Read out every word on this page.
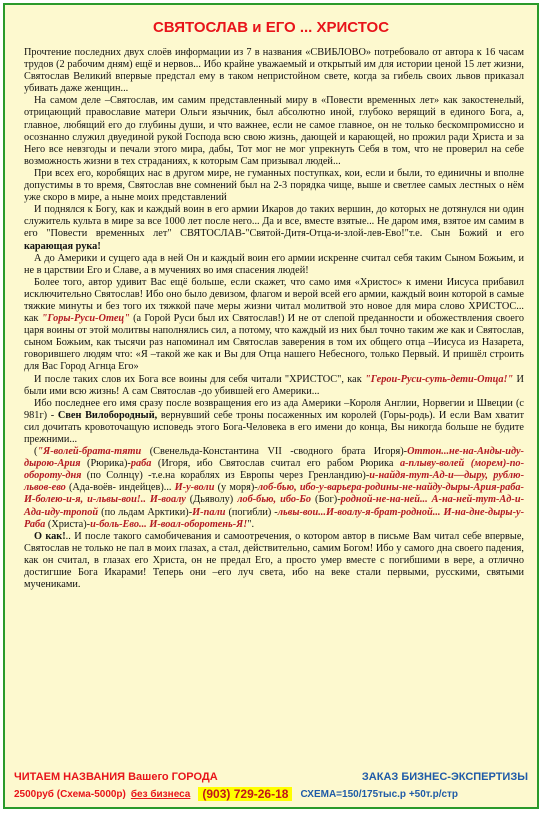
СВЯТОСЛАВ и ЕГО ... ХРИСТОС

Прочтение последних двух слоёв информации из 7 в названия «СВИБЛОВО» потребовало от автора к 16 часам трудов (2 рабочим дням) ещё и нервов... Ибо крайне уважаемый и открытый им для истории ценой 15 лет жизни, Святослав Великий впервые предстал ему в таком непристойном свете, когда за гибель своих львов приказал убивать даже женщин...

На самом деле –Святослав, им самим представленный миру в «Повести временных лет» как закостенелый, отрицающий православие матери Ольги язычник, был абсолютно иной, глубоко верящий в единого Бога, а, главное, любящий его до глубины души, и что важнее, если не самое главное, он не только бескомпромиссно и осознанно служил двуединой рукой Господа всю свою жизнь, дающей и карающей, но прожил ради Христа и за Него все невзгоды и печали этого мира, дабы, Тот мог не мог упрекнуть Себя в том, что не проверил на себе возможность жизни в тех страданиях, к которым Сам призывал людей...

При всех его, коробящих нас в другом мире, не гуманных поступках, кои, если и были, то единичны и вполне допустимы в то время, Святослав вне сомнений был на 2-3 порядка чище, выше и светлее самых лестных о нём уже скоро в мире, а ныне моих представлений

И поднялся к Богу, как и каждый воин в его армии Икаров до таких вершин, до которых не дотянулся ни один служитель культа в мире за все 1000 лет после него... Да и все, вместе взятые... Не даром имя, взятое им самим в его "Повести временных лет" СВЯТОСЛАВ-"Святой-Дитя-Отца-и-злой-лев-Ево!"т.е. Сын Божий и его карающая рука!

А до Америки и сущего ада в ней Он и каждый воин его армии искренне считал себя таким Сыном Божьим, и не в царствии Его и Славе, а в мучениях во имя спасения людей!

Более того, автор удивит Вас ещё больше, если скажет, что само имя «Христос» к имени Иисуса прибавил исключительно Святослав! Ибо оно было девизом, флагом и верой всей его армии, каждый воин которой в самые тяжкие минуты и без того их тяжкой паче меры жизни читал молитвой это новое для мира слово ХРИСТОС... как "Горы-Руси-Отец" (а Горой Руси был их Святослав!) И не от слепой преданности и обожествления своего царя воины от этой молитвы наполнялись сил, а потому, что каждый из них был точно таким же как и Святослав, сыном Божьим, как тысячи раз напоминал им Святослав заверения в том их общего отца –Иисуса из Назарета, говорившего людям что: «Я –такой же как и Вы для Отца нашего Небесного, только Первый. И пришёл строить для Вас Город Агнца Его»

И после таких слов их Бога все воины для себя читали "ХРИСТОС", как "Герои-Руси-суть-дети-Отца!" И были ими всю жизнь! А сам Святослав -до убившей его Америки...

Ибо последнее его имя сразу после возвращения его из ада Америки –Короля Англии, Норвегии и Швеции (с 981г) - Свен Вилобородный, вернувший себе троны посаженных им королей (Горы-родь). И если Вам хватит сил дочитать кровоточащую исповедь этого Бога-Человека в его имени до конца, Вы никогда больше не будите прежними...

("Я-волей-брата-тяти (Свенельда-Константина VII -сводного брата Игоря)-Оттон...не-на-Анды-иду-дырою-Ария (Рюрика)-раба (Игоря, ибо Святослав считал его рабом Рюрика а-плыву-волей (морем)-по-обороту-дня (по Солнцу) -т.е.на кораблях из Европы через Гренландию)-и-найдя-тут-Ад-и—дыру, рублю-львов-ево (Ада-воёв- индейцев)... И-у-воли (у моря)-лоб-бью, ибо-у-варьера-родины-не-найду-дыры-Ария-раба-И-болею-и-я, и-львы-вои!.. И-воалу (Дьяволу) лоб-бью, ибо-Бо (Бог)-родной-не-на-ней... А-на-ней-тут-Ад-и-Ада-иду-тропой (по льдам Арктики)-И-пали (погибли) -львы-вои...И-воалу-я-брат-родной... И-на-дне-дыры-у-Раба (Христа)-и-боль-Ево... И-воал-оборотень-Я!".

О как!.. И после такого самобичевания и самоотречения, о котором автор в письме Вам читал себе впервые, Святослав не только не пал в моих глазах, а стал, действительно, самим Богом! Ибо у самого дна своего падения, как он считал, в глазах его Христа, он не предал Его, а просто умер вместе с погибшими в вере, а отлично достигшие Бога Икарами! Теперь они –его луч света, ибо на веке стали первыми, русскими, святыми мучениками.

ЧИТАЕМ НАЗВАНИЯ Вашего ГОРОДА	ЗАКАЗ БИЗНЕС-ЭКСПЕРТИЗЫ
2500руб (Схема-5000р) без бизнеса	(903) 729-26-18	СХЕМА=150/175тыс.р +50т.р/стр
